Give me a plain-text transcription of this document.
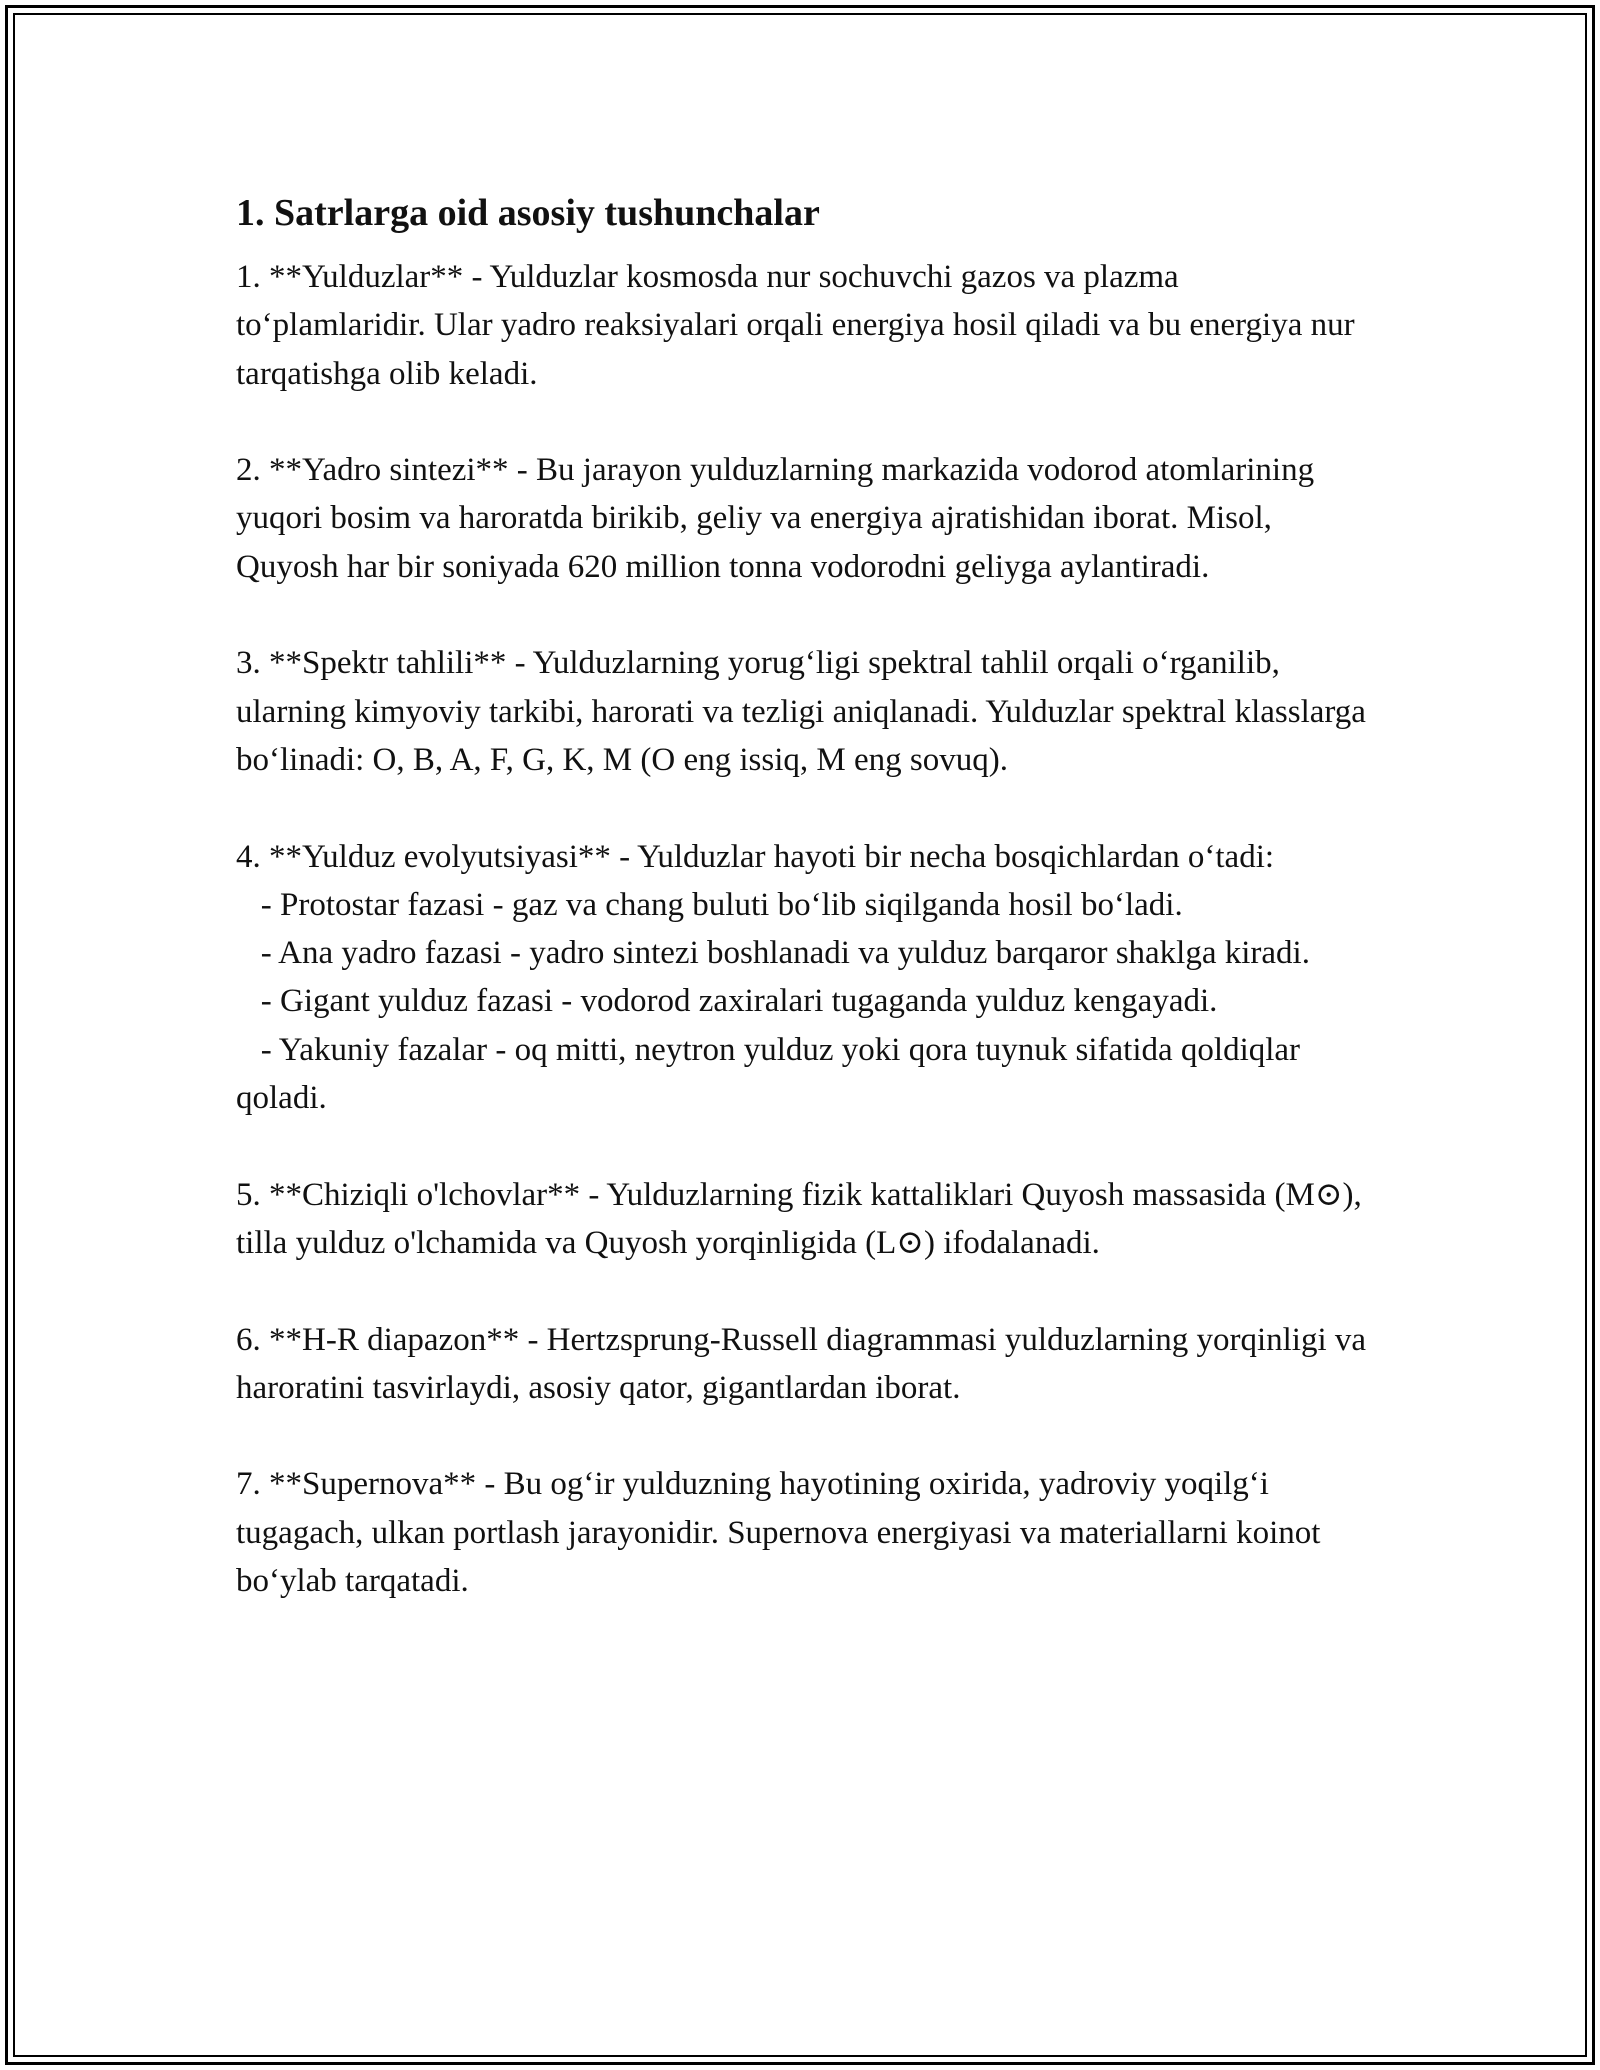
1. Satrlarga oid asosiy tushunchalar

1. **Yulduzlar** - Yulduzlar kosmosda nur sochuvchi gazos va plazma to‘plamlaridir. Ular yadro reaksiyalari orqali energiya hosil qiladi va bu energiya nur tarqatishga olib keladi.

2. **Yadro sintezi** - Bu jarayon yulduzlarning markazida vodorod atomlarining yuqori bosim va haroratda birikib, geliy va energiya ajratishidan iborat. Misol, Quyosh har bir soniyada 620 million tonna vodorodni geliyga aylantiradi.

3. **Spektr tahlili** - Yulduzlarning yorug‘ligi spektral tahlil orqali o‘rganilib, ularning kimyoviy tarkibi, harorati va tezligi aniqlanadi. Yulduzlar spektral klasslarga bo‘linadi: O, B, A, F, G, K, M (O eng issiq, M eng sovuq).

4. **Yulduz evolyutsiyasi** - Yulduzlar hayoti bir necha bosqichlardan o‘tadi:
- Protostar fazasi - gaz va chang buluti bo‘lib siqilganda hosil bo‘ladi.
- Ana yadro fazasi - yadro sintezi boshlanadi va yulduz barqaror shaklga kiradi.
- Gigant yulduz fazasi - vodorod zaxiralari tugaganda yulduz kengayadi.
- Yakuniy fazalar - oq mitti, neytron yulduz yoki qora tuynuk sifatida qoldiqlar qoladi.

5. **Chiziqli o'lchovlar** - Yulduzlarning fizik kattaliklari Quyosh massasida (M⊙), tilla yulduz o'lchamida va Quyosh yorqinligida (L⊙) ifodalanadi.

6. **H-R diapazon** - Hertzsprung-Russell diagrammasi yulduzlarning yorqinligi va haroratini tasvirlaydi, asosiy qator, gigantlardan iborat.

7. **Supernova** - Bu og‘ir yulduzning hayotining oxirida, yadroviy yoqilg‘i tugagach, ulkan portlash jarayonidir. Supernova energiyasi va materiallarni koinot bo‘ylab tarqatadi.
